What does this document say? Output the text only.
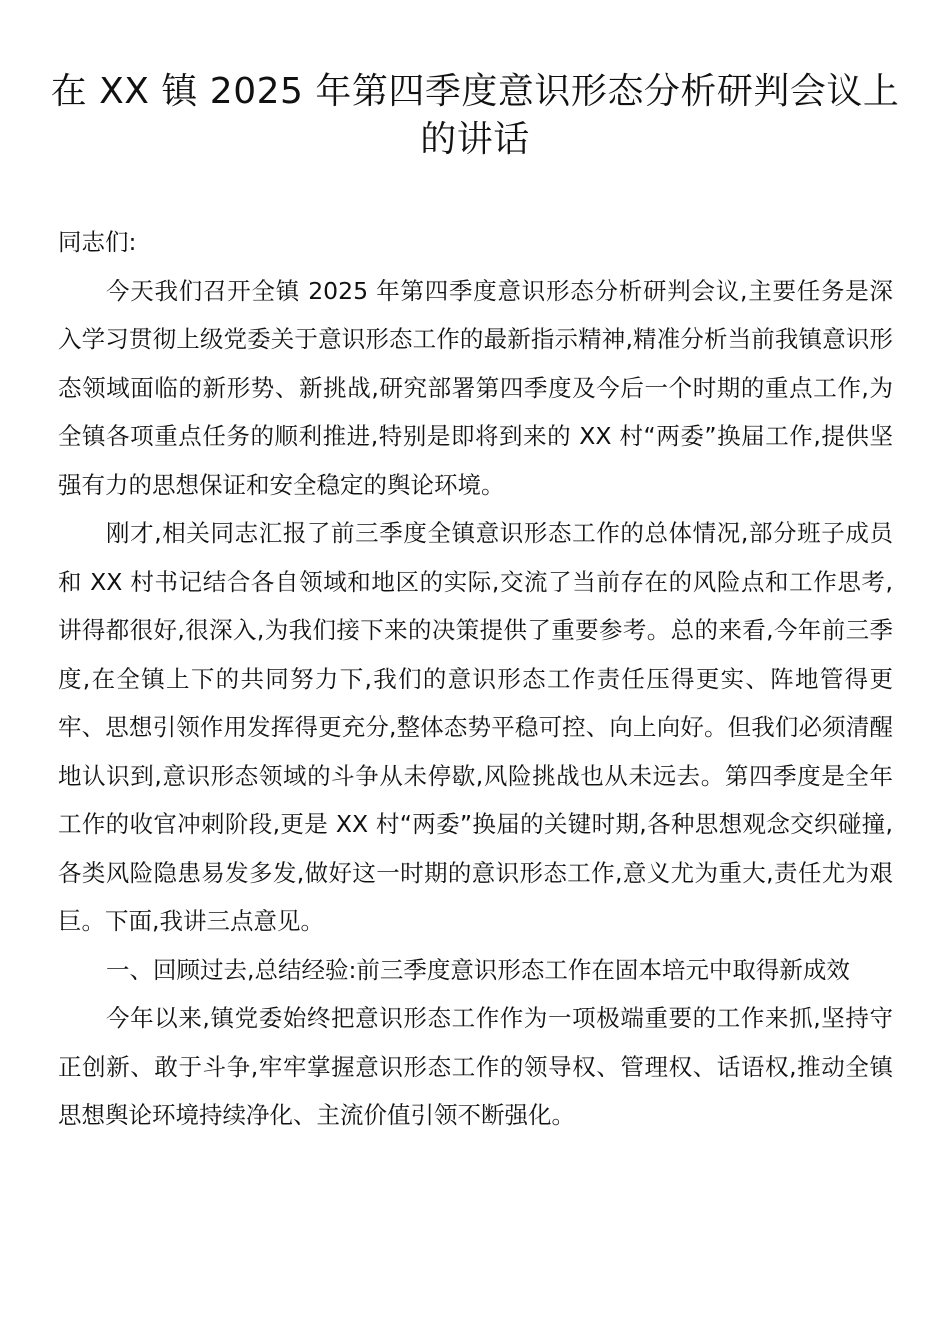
在 XX 镇 2025 年第四季度意识形态分析研判会议上的讲话

同志们:

今天我们召开全镇 2025 年第四季度意识形态分析研判会议,主要任务是深入学习贯彻上级党委关于意识形态工作的最新指示精神,精准分析当前我镇意识形态领域面临的新形势、新挑战,研究部署第四季度及今后一个时期的重点工作,为全镇各项重点任务的顺利推进,特别是即将到来的 XX 村“两委”换届工作,提供坚强有力的思想保证和安全稳定的舆论环境。

刚才,相关同志汇报了前三季度全镇意识形态工作的总体情况,部分班子成员和 XX 村书记结合各自领域和地区的实际,交流了当前存在的风险点和工作思考,讲得都很好,很深入,为我们接下来的决策提供了重要参考。总的来看,今年前三季度,在全镇上下的共同努力下,我们的意识形态工作责任压得更实、阵地管得更牢、思想引领作用发挥得更充分,整体态势平稳可控、向上向好。但我们必须清醒地认识到,意识形态领域的斗争从未停歇,风险挑战也从未远去。第四季度是全年工作的收官冲刺阶段,更是 XX 村“两委”换届的关键时期,各种思想观念交织碰撞,各类风险隐患易发多发,做好这一时期的意识形态工作,意义尤为重大,责任尤为艰巨。下面,我讲三点意见。

一、回顾过去,总结经验:前三季度意识形态工作在固本培元中取得新成效

今年以来,镇党委始终把意识形态工作作为一项极端重要的工作来抓,坚持守正创新、敢于斗争,牢牢掌握意识形态工作的领导权、管理权、话语权,推动全镇思想舆论环境持续净化、主流价值引领不断强化。
